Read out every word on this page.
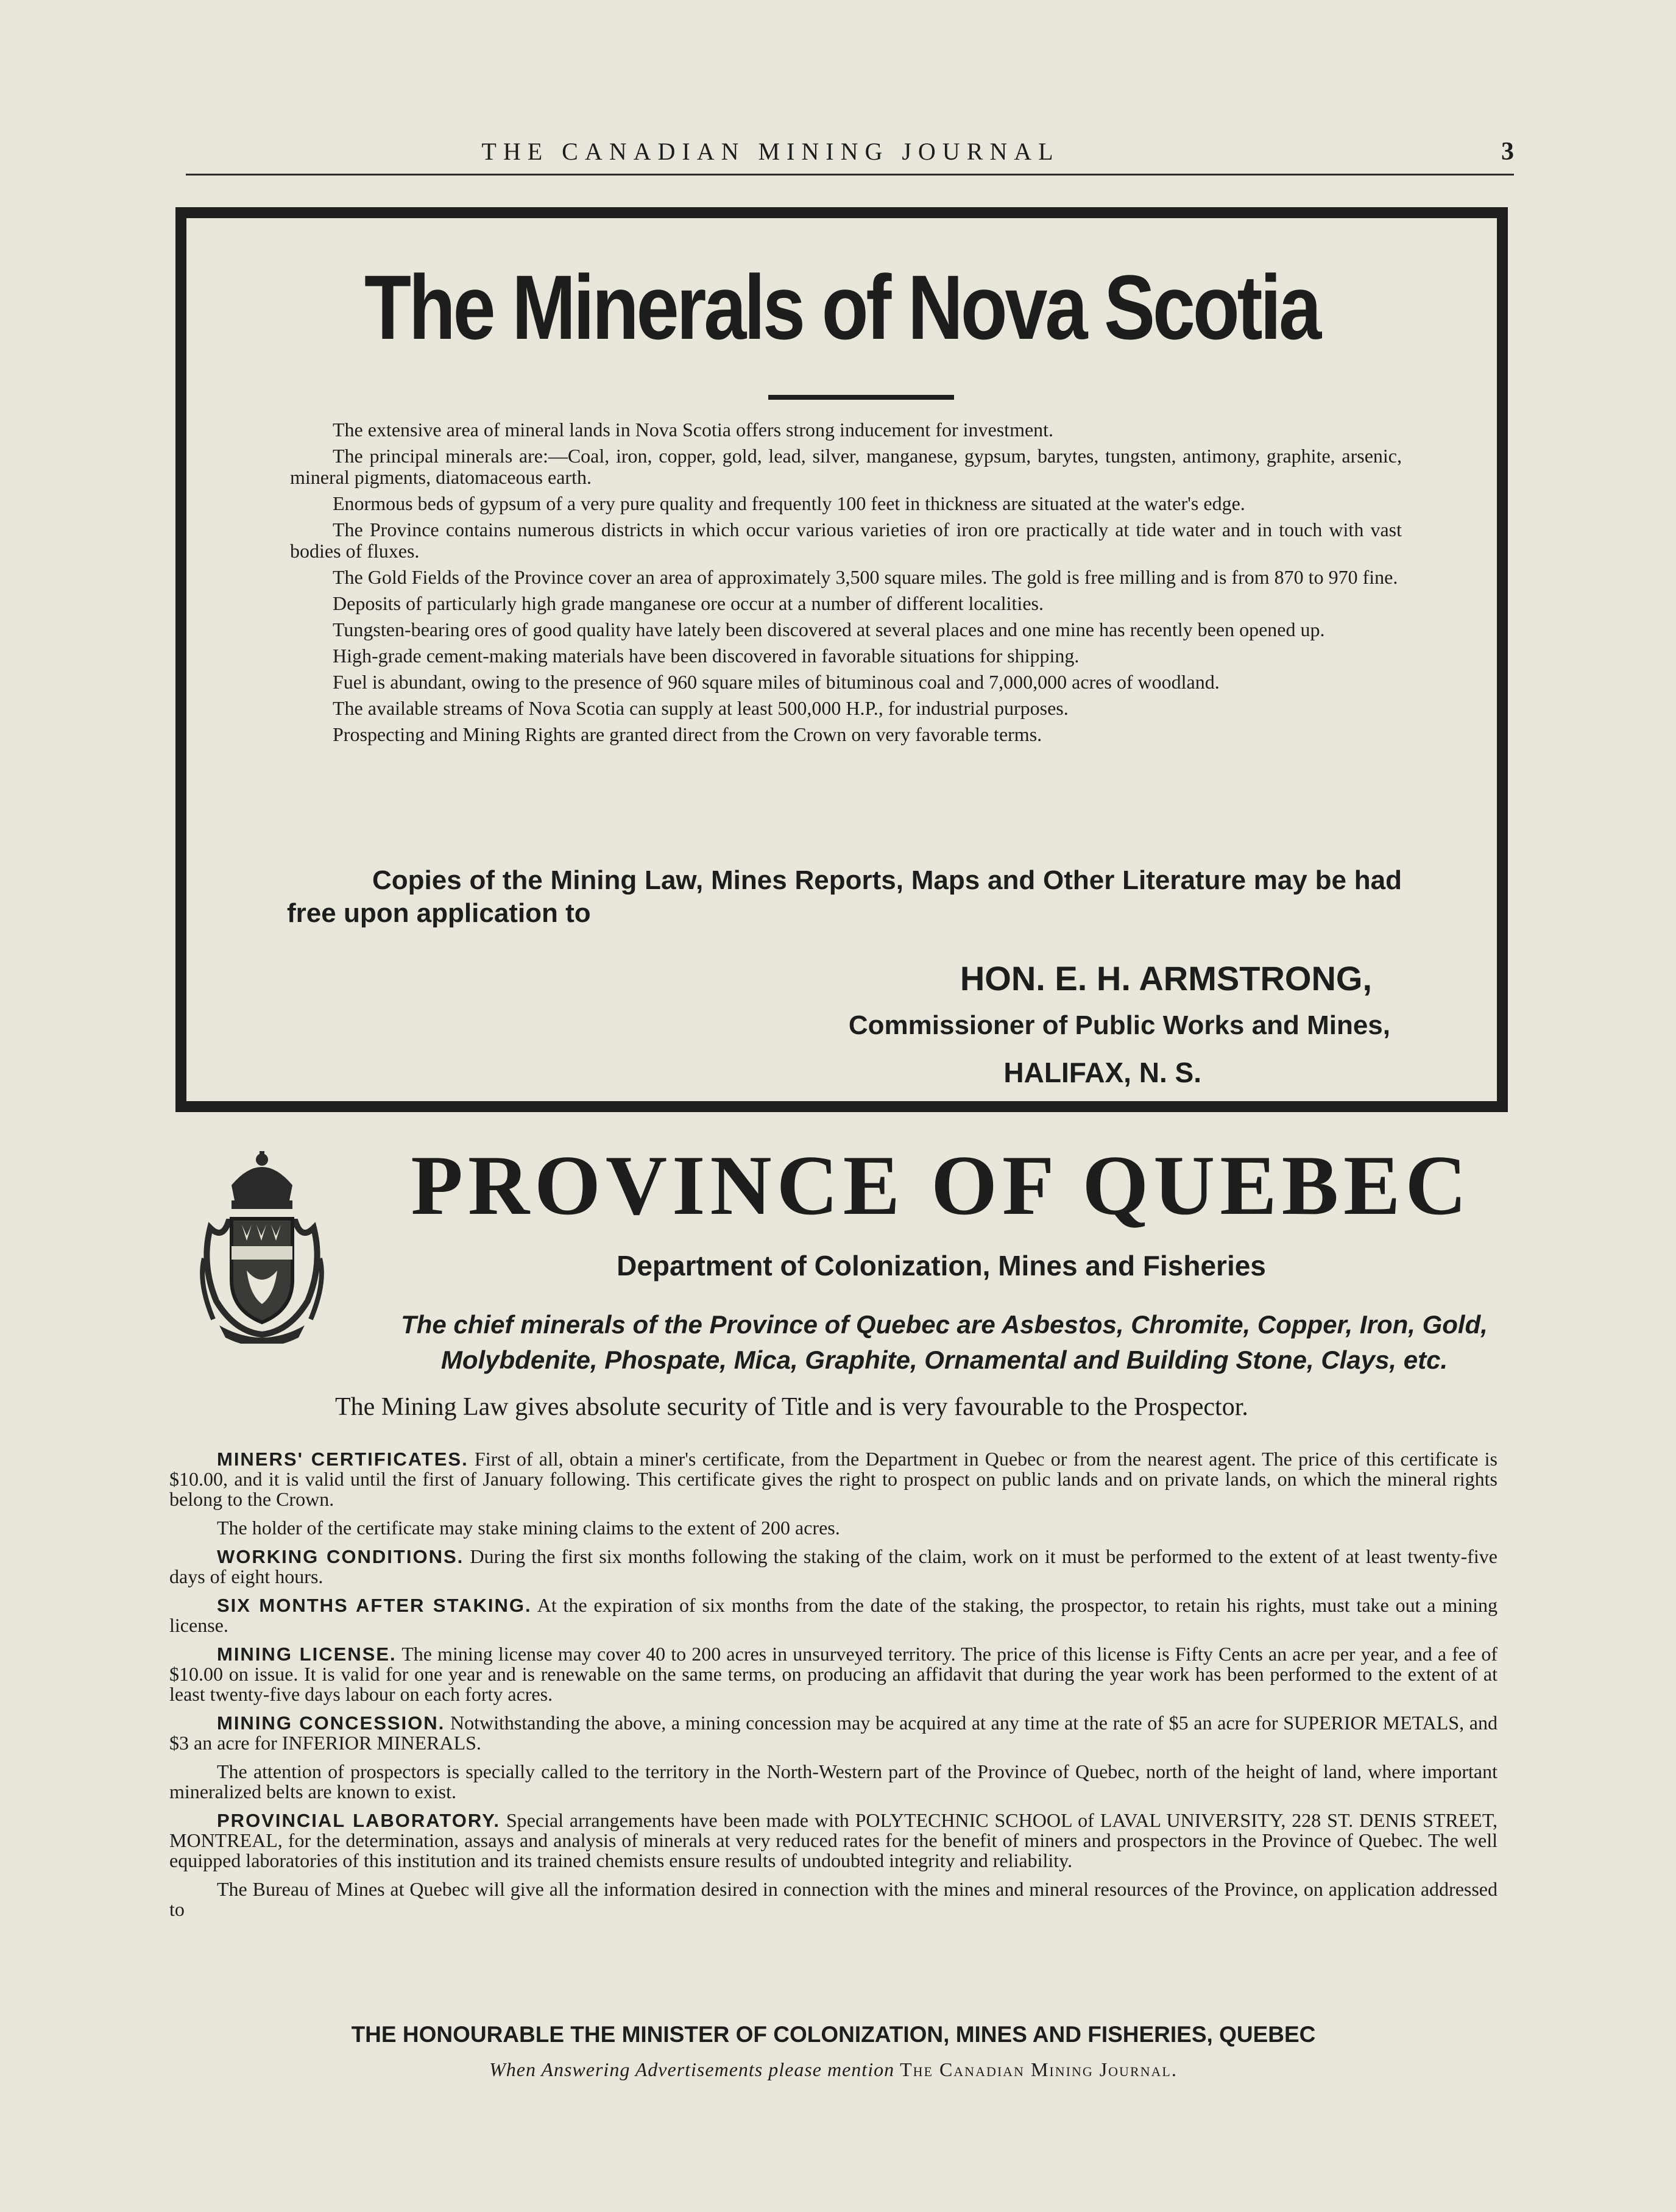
THE CANADIAN MINING JOURNAL	3
The Minerals of Nova Scotia

The extensive area of mineral lands in Nova Scotia offers strong inducement for investment.

The principal minerals are:—Coal, iron, copper, gold, lead, silver, manganese, gypsum, barytes, tungsten, antimony, graphite, arsenic, mineral pigments, diatomaceous earth.

Enormous beds of gypsum of a very pure quality and frequently 100 feet in thickness are situated at the water's edge.

The Province contains numerous districts in which occur various varieties of iron ore practically at tide water and in touch with vast bodies of fluxes.

The Gold Fields of the Province cover an area of approximately 3,500 square miles. The gold is free milling and is from 870 to 970 fine.

Deposits of particularly high grade manganese ore occur at a number of different localities.

Tungsten-bearing ores of good quality have lately been discovered at several places and one mine has recently been opened up.

High-grade cement-making materials have been discovered in favorable situations for shipping.

Fuel is abundant, owing to the presence of 960 square miles of bituminous coal and 7,000,000 acres of woodland.

The available streams of Nova Scotia can supply at least 500,000 H.P., for industrial purposes.

Prospecting and Mining Rights are granted direct from the Crown on very favorable terms.

Copies of the Mining Law, Mines Reports, Maps and Other Literature may be had free upon application to
HON. E. H. ARMSTRONG,
Commissioner of Public Works and Mines,
HALIFAX, N. S.
PROVINCE OF QUEBEC
Department of Colonization, Mines and Fisheries
The chief minerals of the Province of Quebec are Asbestos, Chromite, Copper, Iron, Gold, Molybdenite, Phospate, Mica, Graphite, Ornamental and Building Stone, Clays, etc.
The Mining Law gives absolute security of Title and is very favourable to the Prospector.

MINERS' CERTIFICATES. First of all, obtain a miner's certificate, from the Department in Quebec or from the nearest agent. The price of this certificate is $10.00, and it is valid until the first of January following. This certificate gives the right to prospect on public lands and on private lands, on which the mineral rights belong to the Crown.

The holder of the certificate may stake mining claims to the extent of 200 acres.

WORKING CONDITIONS. During the first six months following the staking of the claim, work on it must be performed to the extent of at least twenty-five days of eight hours.

SIX MONTHS AFTER STAKING. At the expiration of six months from the date of the staking, the prospector, to retain his rights, must take out a mining license.

MINING LICENSE. The mining license may cover 40 to 200 acres in unsurveyed territory. The price of this license is Fifty Cents an acre per year, and a fee of $10.00 on issue. It is valid for one year and is renewable on the same terms, on producing an affidavit that during the year work has been performed to the extent of at least twenty-five days labour on each forty acres.

MINING CONCESSION. Notwithstanding the above, a mining concession may be acquired at any time at the rate of $5 an acre for SUPERIOR METALS, and $3 an acre for INFERIOR MINERALS.

The attention of prospectors is specially called to the territory in the North-Western part of the Province of Quebec, north of the height of land, where important mineralized belts are known to exist.

PROVINCIAL LABORATORY. Special arrangements have been made with POLYTECHNIC SCHOOL of LAVAL UNIVERSITY, 228 ST. DENIS STREET, MONTREAL, for the determination, assays and analysis of minerals at very reduced rates for the benefit of miners and prospectors in the Province of Quebec. The well equipped laboratories of this institution and its trained chemists ensure results of undoubted integrity and reliability.

The Bureau of Mines at Quebec will give all the information desired in connection with the mines and mineral resources of the Province, on application addressed to

THE HONOURABLE THE MINISTER OF COLONIZATION, MINES AND FISHERIES, QUEBEC
When Answering Advertisements please mention The Canadian Mining Journal.
